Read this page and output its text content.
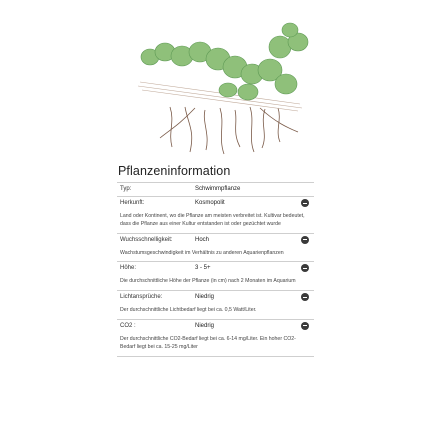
Pflanzeninformation
Typ:	Schwimmpflanze
Herkunft:	Kosmopolit
Land oder Kontinent, wo die Pflanze am meisten verbreitet ist. Kultivar bedeutet, dass die Pflanze aus einer Kultur entstanden ist oder gezüchtet wurde
Wuchsschnelligkeit:	Hoch
Wachstumsgeschwindigkeit im Verhältnis zu anderen Aquarienpflanzen
Höhe:	3 - 5+
Die durchschnittliche Höhe der Pflanze (in cm) nach 2 Monaten im Aquarium
Lichtansprüche:	Niedrig
Der durchschnittliche Lichtbedarf liegt bei ca. 0,5 Watt/Liter.
CO2 :	Niedrig
Der durchschnittliche CO2-Bedarf liegt bei ca. 6-14 mg/Liter. Ein hoher CO2-Bedarf liegt bei ca. 15-25 mg/Liter
